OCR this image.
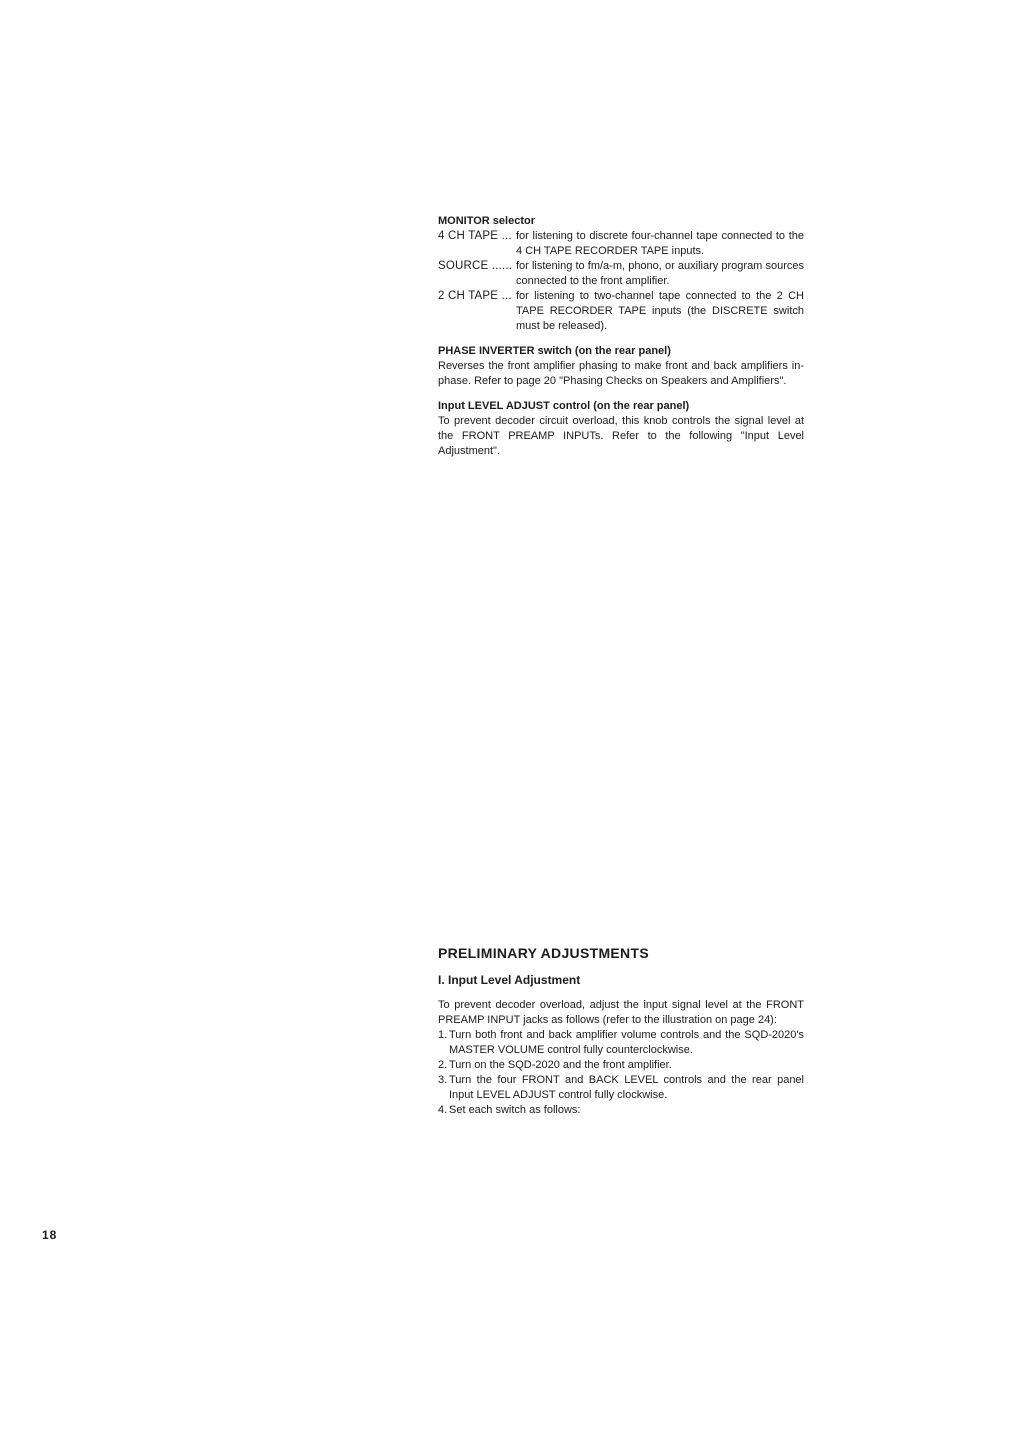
MONITOR selector
4 CH TAPE ... for listening to discrete four-channel tape connected to the 4 CH TAPE RECORDER TAPE inputs.
SOURCE ...... for listening to fm/a-m, phono, or auxiliary program sources connected to the front amplifier.
2 CH TAPE ... for listening to two-channel tape connected to the 2 CH TAPE RECORDER TAPE inputs (the DISCRETE switch must be released).
PHASE INVERTER switch (on the rear panel)
Reverses the front amplifier phasing to make front and back amplifiers in-phase. Refer to page 20 "Phasing Checks on Speakers and Amplifiers".
Input LEVEL ADJUST control (on the rear panel)
To prevent decoder circuit overload, this knob controls the signal level at the FRONT PREAMP INPUTs. Refer to the following "Input Level Adjustment".
PRELIMINARY ADJUSTMENTS
I. Input Level Adjustment
To prevent decoder overload, adjust the input signal level at the FRONT PREAMP INPUT jacks as follows (refer to the illustration on page 24):
1. Turn both front and back amplifier volume controls and the SQD-2020's MASTER VOLUME control fully counterclockwise.
2. Turn on the SQD-2020 and the front amplifier.
3. Turn the four FRONT and BACK LEVEL controls and the rear panel Input LEVEL ADJUST control fully clockwise.
4. Set each switch as follows:
18
